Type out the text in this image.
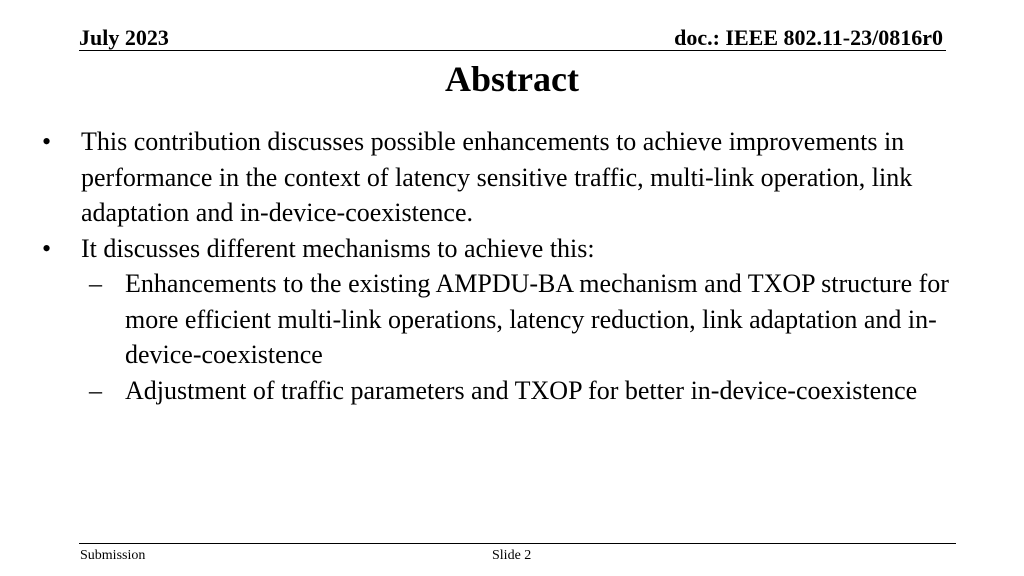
July 2023	doc.: IEEE 802.11-23/0816r0
Abstract
• This contribution discusses possible enhancements to achieve improvements in performance in the context of latency sensitive traffic, multi-link operation, link adaptation and in-device-coexistence.
• It discusses different mechanisms to achieve this:
– Enhancements to the existing AMPDU-BA mechanism and TXOP structure for more efficient multi-link operations, latency reduction, link adaptation and in-device-coexistence
– Adjustment of traffic parameters and TXOP for better in-device-coexistence
Submission	Slide 2
